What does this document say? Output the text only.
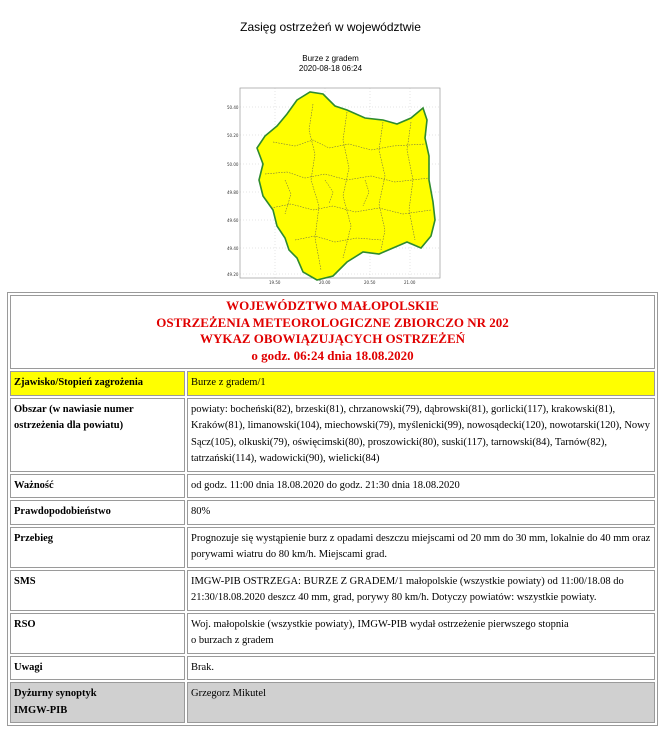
Zasięg ostrzeżeń w województwie
Burze z gradem
2020-08-18 06:24
50.40
50.20
50.00
49.80
49.60
49.40
49.20
19.50	20.00	20.50	21.00
WOJEWÓDZTWO MAŁOPOLSKIE
OSTRZEŻENIA METEOROLOGICZNE ZBIORCZO NR 202
WYKAZ OBOWIĄZUJĄCYCH OSTRZEŻEŃ
o godz. 06:24 dnia 18.08.2020	

Zjawisko/Stopień zagrożenia	Burze z gradem/1
Obszar (w nawiasie numer ostrzeżenia dla powiatu)	powiaty: bocheński(82), brzeski(81), chrzanowski(79), dąbrowski(81), gorlicki(117), krakowski(81), Kraków(81), limanowski(104), miechowski(79), myślenicki(99), nowosądecki(120), nowotarski(120), Nowy Sącz(105), olkuski(79), oświęcimski(80), proszowicki(80), suski(117), tarnowski(84), Tarnów(82), tatrzański(114), wadowicki(90), wielicki(84)
Ważność	od godz. 11:00 dnia 18.08.2020 do godz. 21:30 dnia 18.08.2020
Prawdopodobieństwo	80%
Przebieg	Prognozuje się wystąpienie burz z opadami deszczu miejscami od 20 mm do 30 mm, lokalnie do 40 mm oraz porywami wiatru do 80 km/h. Miejscami grad.
SMS	IMGW-PIB OSTRZEGA: BURZE Z GRADEM/1 małopolskie (wszystkie powiaty) od 11:00/18.08 do 21:30/18.08.2020 deszcz 40 mm, grad, porywy 80 km/h. Dotyczy powiatów: wszystkie powiaty.
RSO	Woj. małopolskie (wszystkie powiaty), IMGW-PIB wydał ostrzeżenie pierwszego stopnia
o burzach z gradem

Uwagi	Brak.

Dyżurny synoptyk
IMGW-PIB	Grzegorz Mikutel
